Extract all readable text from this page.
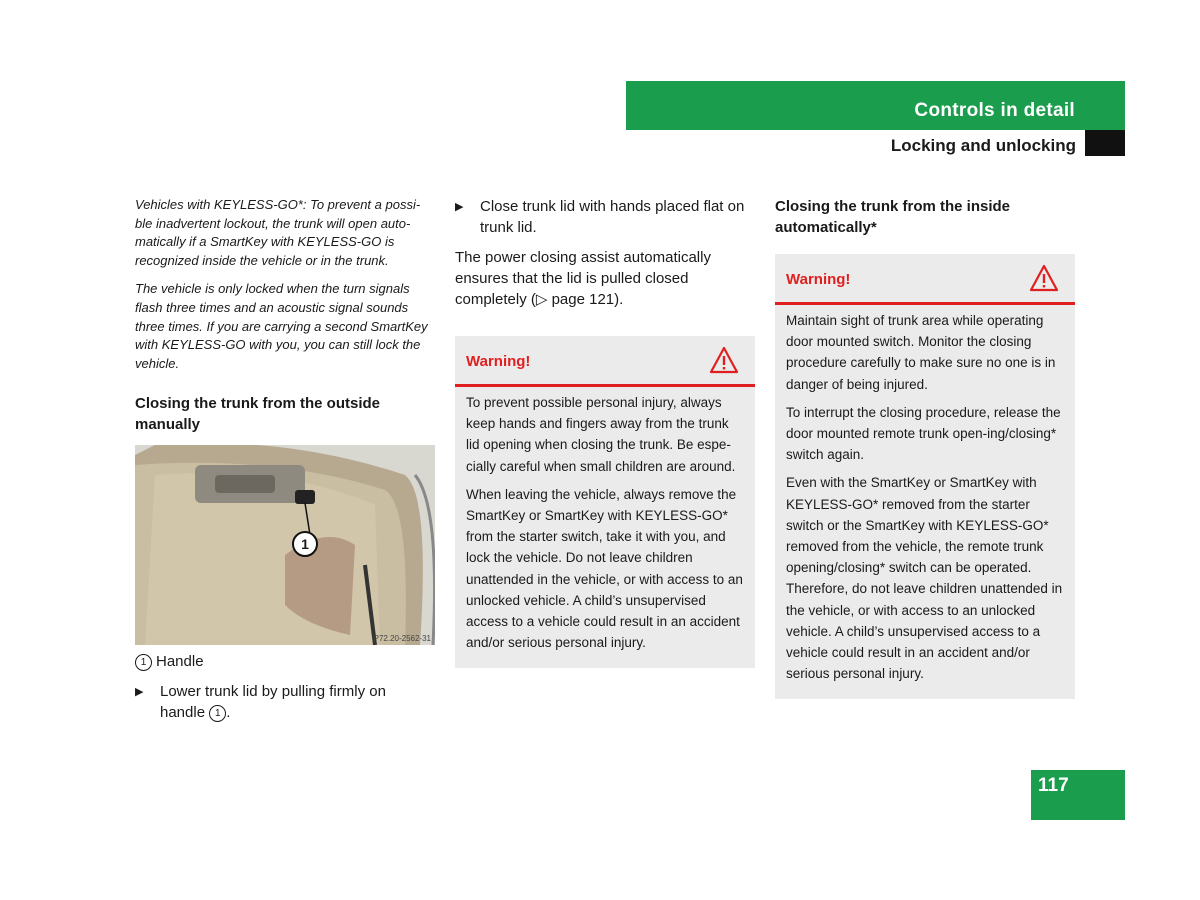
Controls in detail
Locking and unlocking

Vehicles with KEYLESS-GO*: To prevent a possi-ble inadvertent lockout, the trunk will open auto-matically if a SmartKey with KEYLESS-GO is recognized inside the vehicle or in the trunk.

The vehicle is only locked when the turn signals flash three times and an acoustic signal sounds three times. If you are carrying a second SmartKey with KEYLESS-GO with you, you can still lock the vehicle.

Closing the trunk from the outside manually

1
P72.20-2562-31

1 Handle

▶ Lower trunk lid by pulling firmly on handle 1 .

▶ Close trunk lid with hands placed flat on trunk lid.

The power closing assist automatically ensures that the lid is pulled closed completely (▷ page 121).

Warning!

To prevent possible personal injury, always keep hands and fingers away from the trunk lid opening when closing the trunk. Be espe-cially careful when small children are around.

When leaving the vehicle, always remove the SmartKey or SmartKey with KEYLESS-GO* from the starter switch, take it with you, and lock the vehicle. Do not leave children unattended in the vehicle, or with access to an unlocked vehicle. A child’s unsupervised access to a vehicle could result in an accident and/or serious personal injury.

Closing the trunk from the inside automatically*

Warning!

Maintain sight of trunk area while operating door mounted switch. Monitor the closing procedure carefully to make sure no one is in danger of being injured.

To interrupt the closing procedure, release the door mounted remote trunk open-ing/closing* switch again.

Even with the SmartKey or SmartKey with KEYLESS-GO* removed from the starter switch or the SmartKey with KEYLESS-GO* removed from the vehicle, the remote trunk opening/closing* switch can be operated. Therefore, do not leave children unattended in the vehicle, or with access to an unlocked vehicle. A child’s unsupervised access to a vehicle could result in an accident and/or serious personal injury.

117
